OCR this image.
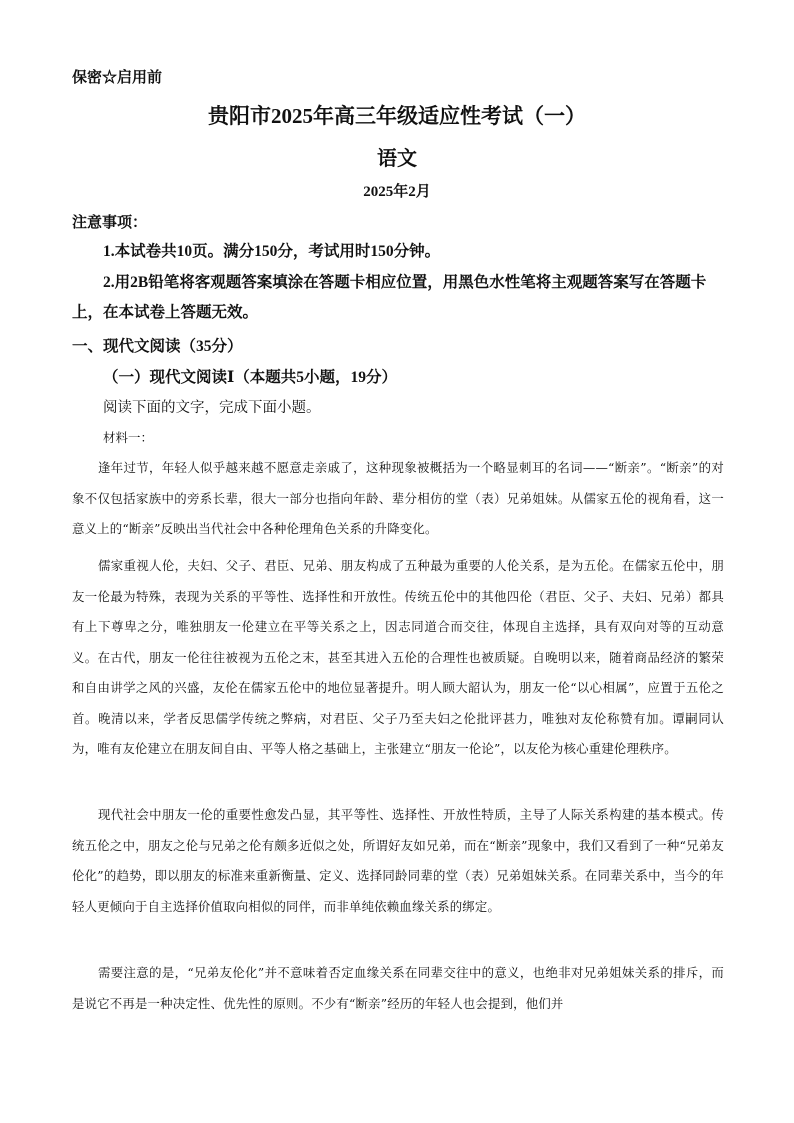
保密☆启用前
贵阳市2025年高三年级适应性考试（一）
语文
2025年2月
注意事项：
1.本试卷共10页。满分150分，考试用时150分钟。
2.用2B铅笔将客观题答案填涂在答题卡相应位置，用黑色水性笔将主观题答案写在答题卡上，在本试卷上答题无效。
一、现代文阅读（35分）
（一）现代文阅读Ⅰ（本题共5小题，19分）
阅读下面的文字，完成下面小题。
材料一：
逢年过节，年轻人似乎越来越不愿意走亲戚了，这种现象被概括为一个略显刺耳的名词——“断亲”。“断亲”的对象不仅包括家族中的旁系长辈，很大一部分也指向年龄、辈分相仿的堂（表）兄弟姐妹。从儒家五伦的视角看，这一意义上的“断亲”反映出当代社会中各种伦理角色关系的升降变化。
儒家重视人伦，夫妇、父子、君臣、兄弟、朋友构成了五种最为重要的人伦关系，是为五伦。在儒家五伦中，朋友一伦最为特殊，表现为关系的平等性、选择性和开放性。传统五伦中的其他四伦（君臣、父子、夫妇、兄弟）都具有上下尊卑之分，唯独朋友一伦建立在平等关系之上，因志同道合而交往，体现自主选择，具有双向对等的互动意义。在古代，朋友一伦往往被视为五伦之末，甚至其进入五伦的合理性也被质疑。自晚明以来，随着商品经济的繁荣和自由讲学之风的兴盛，友伦在儒家五伦中的地位显著提升。明人顾大韶认为，朋友一伦“以心相属”，应置于五伦之首。晚清以来，学者反思儒学传统之弊病，对君臣、父子乃至夫妇之伦批评甚力，唯独对友伦称赞有加。谭嗣同认为，唯有友伦建立在朋友间自由、平等人格之基础上，主张建立“朋友一伦论”，以友伦为核心重建伦理秩序。
现代社会中朋友一伦的重要性愈发凸显，其平等性、选择性、开放性特质，主导了人际关系构建的基本模式。传统五伦之中，朋友之伦与兄弟之伦有颇多近似之处，所谓好友如兄弟，而在“断亲”现象中，我们又看到了一种“兄弟友伦化”的趋势，即以朋友的标准来重新衡量、定义、选择同龄同辈的堂（表）兄弟姐妹关系。在同辈关系中，当今的年轻人更倾向于自主选择价值取向相似的同伴，而非单纯依赖血缘关系的绑定。
需要注意的是，“兄弟友伦化”并不意味着否定血缘关系在同辈交往中的意义，也绝非对兄弟姐妹关系的排斥，而是说它不再是一种决定性、优先性的原则。不少有“断亲”经历的年轻人也会提到，他们并
